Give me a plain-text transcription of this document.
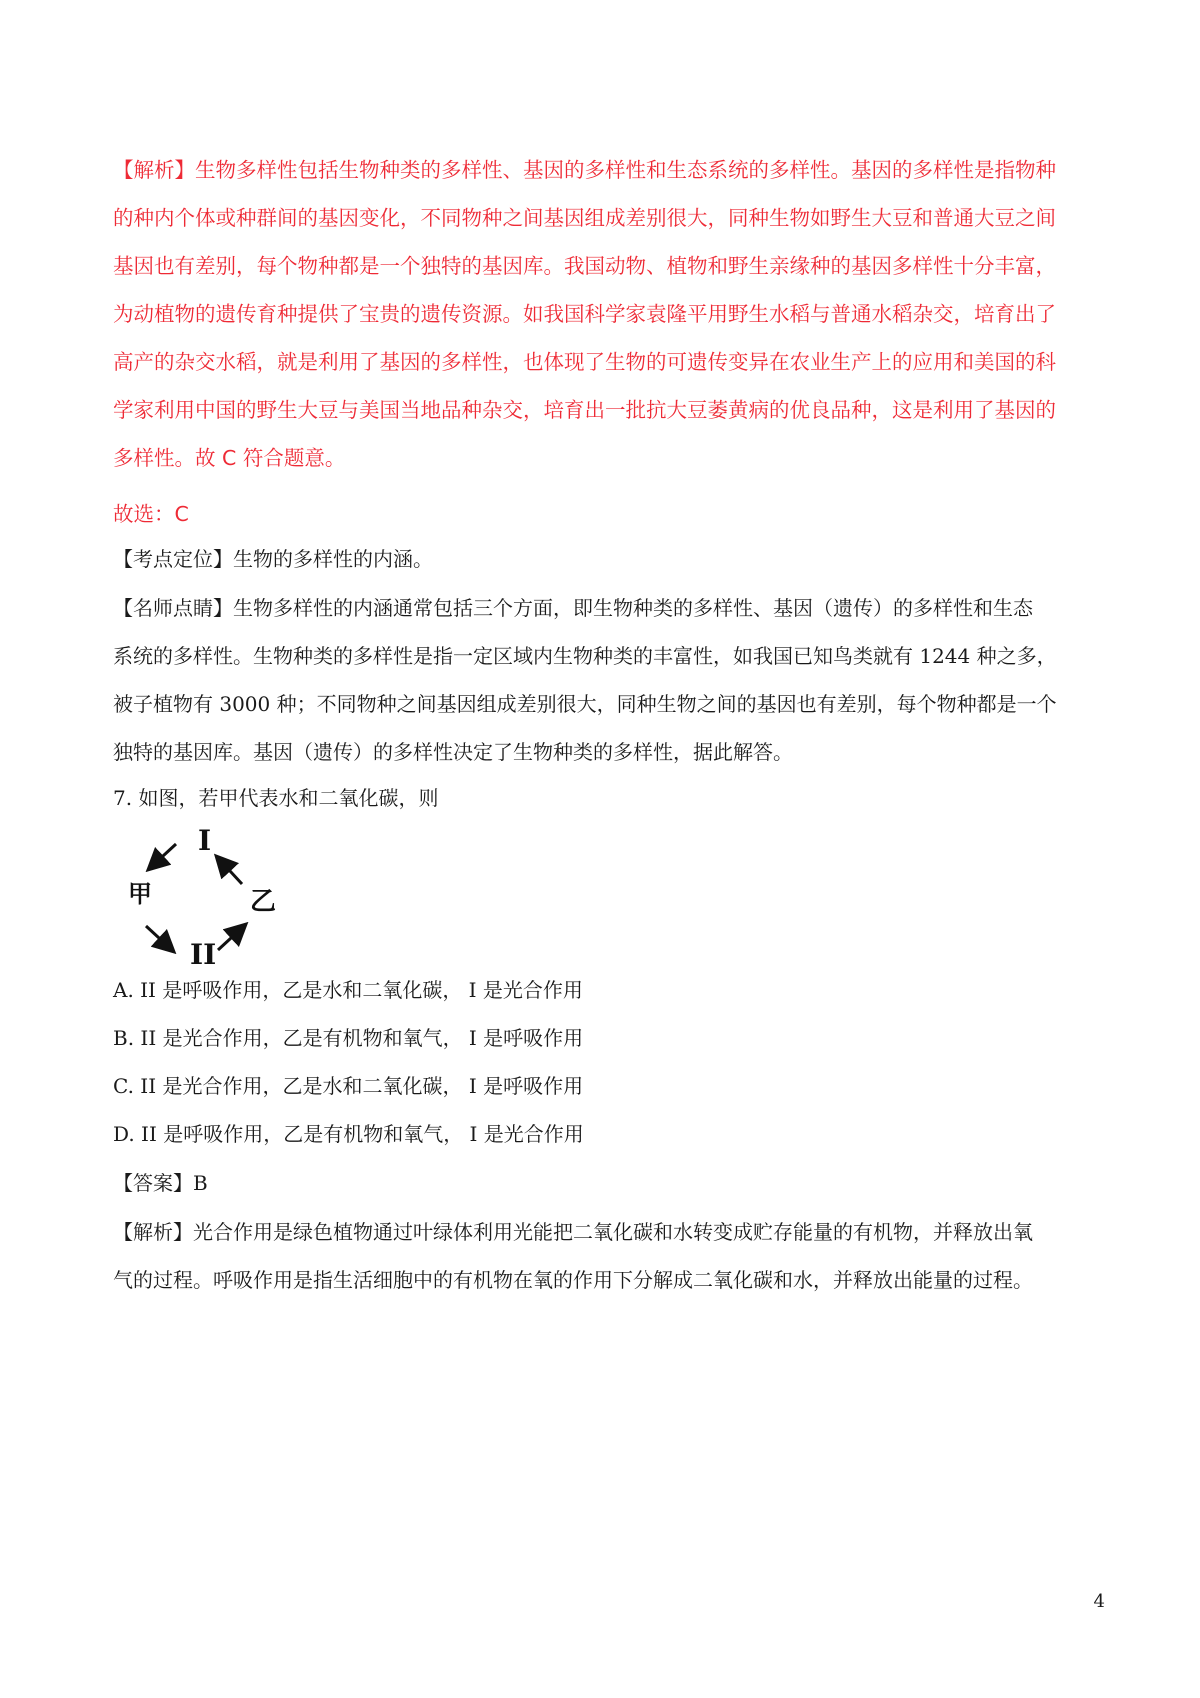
【解析】生物多样性包括生物种类的多样性、基因的多样性和生态系统的多样性。基因的多样性是指物种
的种内个体或种群间的基因变化，不同物种之间基因组成差别很大，同种生物如野生大豆和普通大豆之间
基因也有差别，每个物种都是一个独特的基因库。我国动物、植物和野生亲缘种的基因多样性十分丰富，
为动植物的遗传育种提供了宝贵的遗传资源。如我国科学家袁隆平用野生水稻与普通水稻杂交，培育出了
高产的杂交水稻，就是利用了基因的多样性，也体现了生物的可遗传变异在农业生产上的应用和美国的科
学家利用中国的野生大豆与美国当地品种杂交，培育出一批抗大豆萎黄病的优良品种，这是利用了基因的
多样性。故 C 符合题意。

故选：C

【考点定位】生物的多样性的内涵。

【名师点睛】生物多样性的内涵通常包括三个方面，即生物种类的多样性、基因（遗传）的多样性和生态
系统的多样性。生物种类的多样性是指一定区域内生物种类的丰富性，如我国已知鸟类就有 1244 种之多，
被子植物有 3000 种；不同物种之间基因组成差别很大，同种生物之间的基因也有差别，每个物种都是一个
独特的基因库。基因（遗传）的多样性决定了生物种类的多样性，据此解答。

7. 如图，若甲代表水和二氧化碳，则

I
甲	乙
II

A. II 是呼吸作用，乙是水和二氧化碳， I 是光合作用
B. II 是光合作用，乙是有机物和氧气， I 是呼吸作用
C. II 是光合作用，乙是水和二氧化碳， I 是呼吸作用
D. II 是呼吸作用，乙是有机物和氧气， I 是光合作用

【答案】B

【解析】光合作用是绿色植物通过叶绿体利用光能把二氧化碳和水转变成贮存能量的有机物，并释放出氧
气的过程。呼吸作用是指生活细胞中的有机物在氧的作用下分解成二氧化碳和水，并释放出能量的过程。

4
